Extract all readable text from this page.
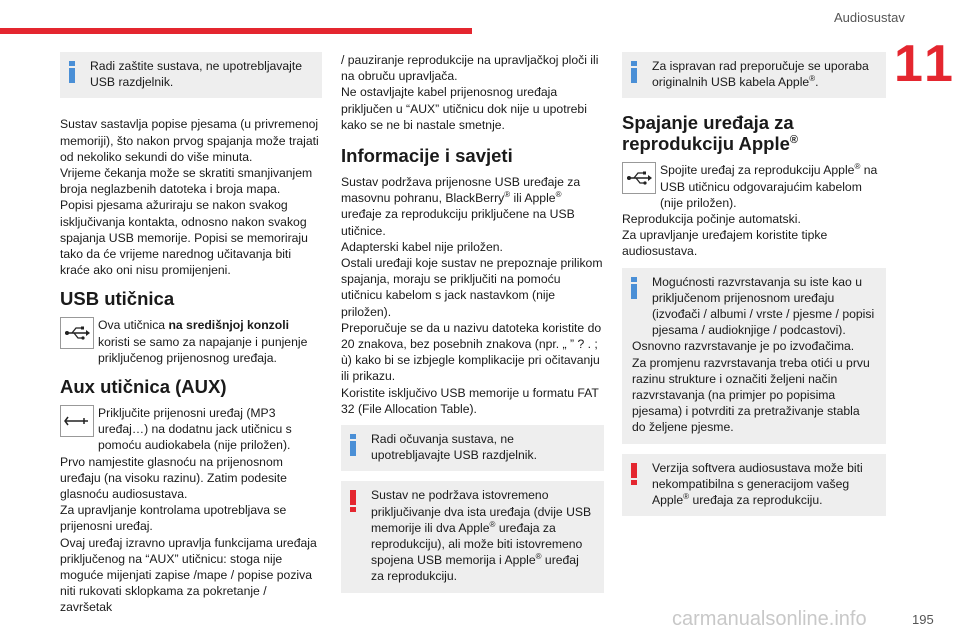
Audiosustav
11
Radi zaštite sustava, ne upotrebljavajte USB razdjelnik.

Sustav sastavlja popise pjesama (u privremenoj memoriji), što nakon prvog spajanja može trajati od nekoliko sekundi do više minuta.

Vrijeme čekanja može se skratiti smanjivanjem broja neglazbenih datoteka i broja mapa.

Popisi pjesama ažuriraju se nakon svakog isključivanja kontakta, odnosno nakon svakog spajanja USB memorije. Popisi se memoriraju tako da će vrijeme narednog učitavanja biti kraće ako oni nisu promijenjeni.

USB utičnica
Ova utičnica na središnjoj konzoli koristi se samo za napajanje i punjenje priključenog prijenosnog uređaja.
Aux utičnica (AUX)

Priključite prijenosni uređaj (MP3 uređaj…) na dodatnu jack utičnicu s pomoću audiokabela (nije priložen).

Prvo namjestite glasnoću na prijenosnom uređaju (na visoku razinu). Zatim podesite glasnoću audiosustava.

Za upravljanje kontrolama upotrebljava se prijenosni uređaj.

Ovaj uređaj izravno upravlja funkcijama uređaja priključenog na “AUX” utičnicu: stoga nije moguće mijenjati zapise /mape / popise poziva niti rukovati sklopkama za pokretanje / završetak

/ pauziranje reprodukcije na upravljačkoj ploči ili na obruču upravljača.

Ne ostavljajte kabel prijenosnog uređaja priključen u “AUX” utičnicu dok nije u upotrebi kako se ne bi nastale smetnje.

Informacije i savjeti

Sustav podržava prijenosne USB uređaje za masovnu pohranu, BlackBerry® ili Apple® uređaje za reprodukciju priključene na USB utičnice.

Adapterski kabel nije priložen.

Ostali uređaji koje sustav ne prepoznaje prilikom spajanja, moraju se priključiti na pomoću utičnicu kabelom s jack nastavkom (nije priložen).

Preporučuje se da u nazivu datoteka koristite do 20 znakova, bez posebnih znakova (npr. „ ” ? . ; ù) kako bi se izbjegle komplikacije pri očitavanju ili prikazu.

Koristite isključivo USB memorije u formatu FAT 32 (File Allocation Table).

Radi očuvanja sustava, ne upotrebljavajte USB razdjelnik.
Sustav ne podržava istovremeno priključivanje dva ista uređaja (dvije USB memorije ili dva Apple® uređaja za reprodukciju), ali može biti istovremeno spojena USB memorija i Apple® uređaj za reprodukciju.
Za ispravan rad preporučuje se uporaba originalnih USB kabela Apple®.
Spajanje uređaja za reprodukciju Apple®
Spojite uređaj za reprodukciju Apple® na USB utičnicu odgovarajućim kabelom (nije priložen).

Reprodukcija počinje automatski.

Za upravljanje uređajem koristite tipke audiosustava.

Mogućnosti razvrstavanja su iste kao u priključenom prijenosnom uređaju (izvođači / albumi / vrste / pjesme / popisi pjesama / audioknjige / podcastovi).

Osnovno razvrstavanje je po izvođačima.

Za promjenu razvrstavanja treba otići u prvu razinu strukture i označiti željeni način razvrstavanja (na primjer po popisima pjesama) i potvrditi za pretraživanje stabla do željene pjesme.

Verzija softvera audiosustava može biti nekompatibilna s generacijom vašeg Apple® uređaja za reprodukciju.
carmanualsonline.info	195
